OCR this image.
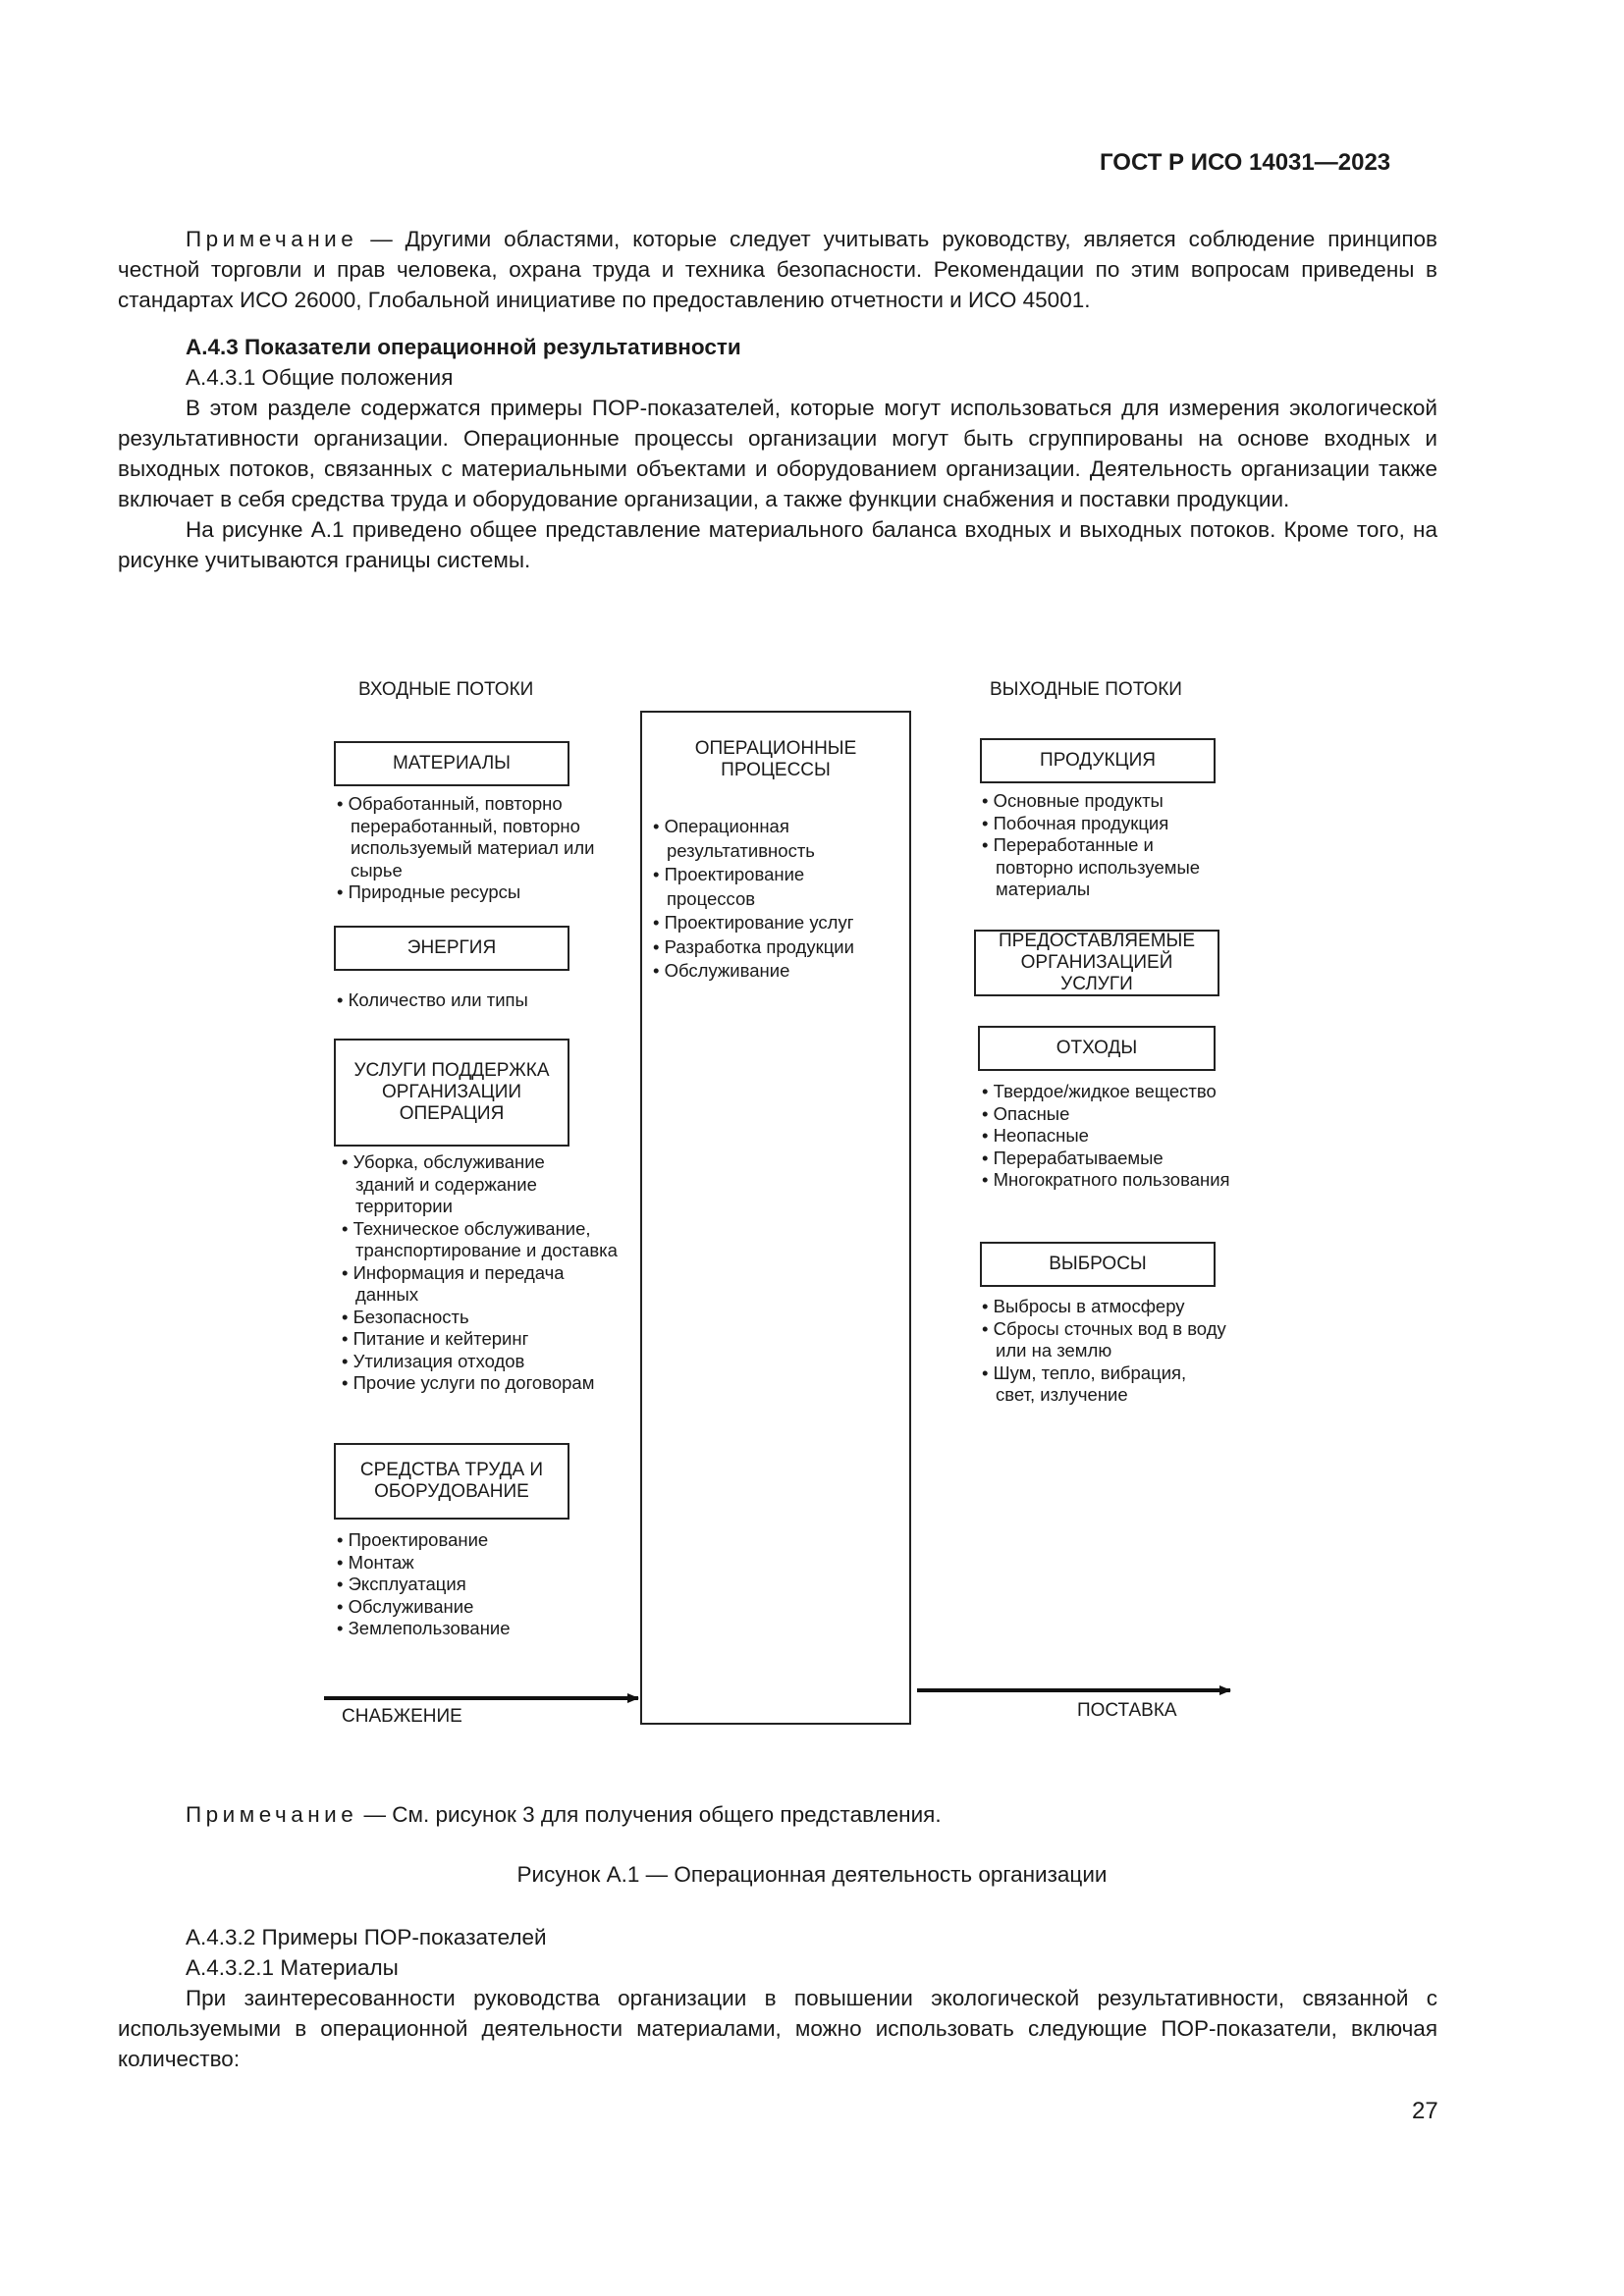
ГОСТ Р ИСО 14031—2023

Примечание — Другими областями, которые следует учитывать руководству, является соблюдение принципов честной торговли и прав человека, охрана труда и техника безопасности. Рекомендации по этим вопросам приведены в стандартах ИСО 26000, Глобальной инициативе по предоставлению отчетности и ИСО 45001.

А.4.3 Показатели операционной результативности

А.4.3.1 Общие положения

В этом разделе содержатся примеры ПОР-показателей, которые могут использоваться для измерения экологической результативности организации. Операционные процессы организации могут быть сгруппированы на основе входных и выходных потоков, связанных с материальными объектами и оборудованием организации. Деятельность организации также включает в себя средства труда и оборудование организации, а также функции снабжения и поставки продукции.

На рисунке А.1 приведено общее представление материального баланса входных и выходных потоков. Кроме того, на рисунке учитываются границы системы.

ВХОДНЫЕ ПОТОКИ	ВЫХОДНЫЕ ПОТОКИ
МАТЕРИАЛЫ
• Обработанный, повторно переработанный, повторно используемый материал или сырье
• Природные ресурсы
ЭНЕРГИЯ
• Количество или типы
УСЛУГИ ПОДДЕРЖКА ОРГАНИЗАЦИИ ОПЕРАЦИЯ
• Уборка, обслуживание зданий и содержание территории
• Техническое обслуживание, транспортирование и доставка
• Информация и передача данных
• Безопасность
• Питание и кейтеринг
• Утилизация отходов
• Прочие услуги по договорам
СРЕДСТВА ТРУДА И ОБОРУДОВАНИЕ
• Проектирование
• Монтаж
• Эксплуатация
• Обслуживание
• Землепользование
ОПЕРАЦИОННЫЕ ПРОЦЕССЫ
• Операционная результативность
• Проектирование процессов
• Проектирование услуг
• Разработка продукции
• Обслуживание
ПРОДУКЦИЯ
• Основные продукты
• Побочная продукция
• Переработанные и повторно используемые материалы
ПРЕДОСТАВЛЯЕМЫЕ ОРГАНИЗАЦИЕЙ УСЛУГИ
ОТХОДЫ
• Твердое/жидкое вещество
• Опасные
• Неопасные
• Перерабатываемые
• Многократного пользования
ВЫБРОСЫ
• Выбросы в атмосферу
• Сбросы сточных вод в воду или на землю
• Шум, тепло, вибрация, свет, излучение
СНАБЖЕНИЕ	ПОСТАВКА

Примечание — См. рисунок 3 для получения общего представления.

Рисунок А.1 — Операционная деятельность организации

А.4.3.2 Примеры ПОР-показателей

А.4.3.2.1 Материалы

При заинтересованности руководства организации в повышении экологической результативности, связанной с используемыми в операционной деятельности материалами, можно использовать следующие ПОР-показатели, включая количество:

27
